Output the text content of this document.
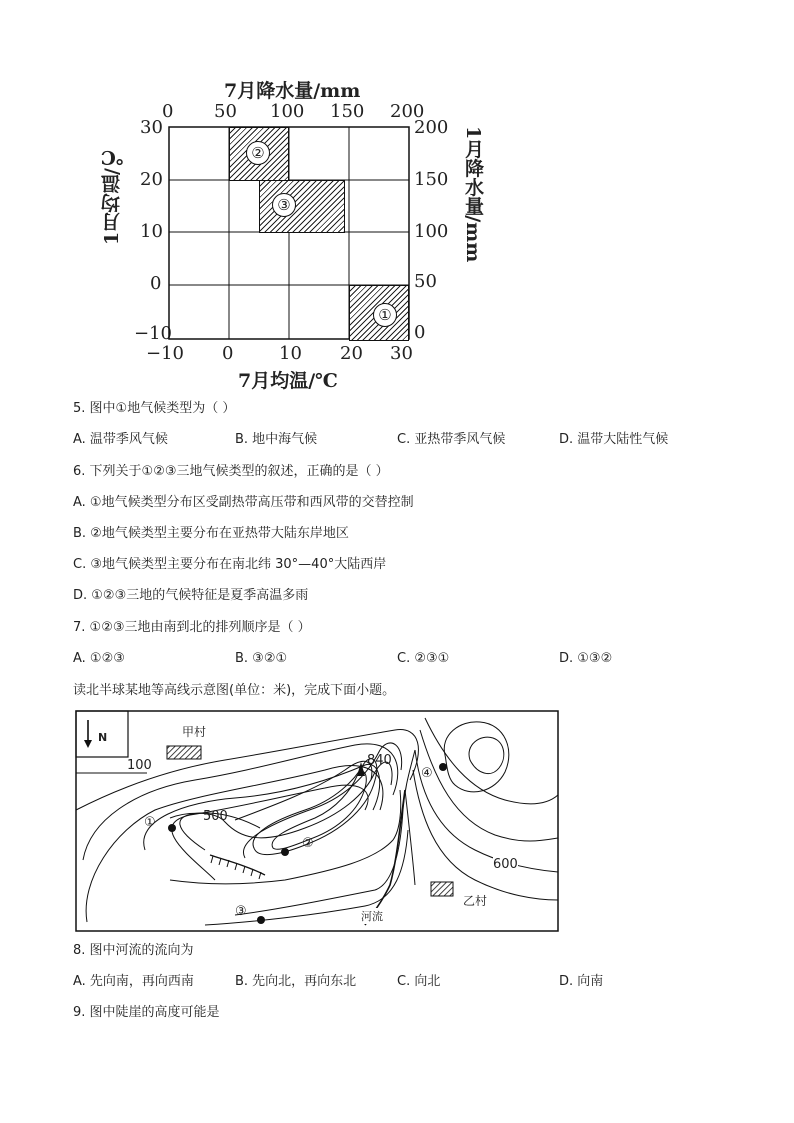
7月降水量/mm
0 50 100 150 200
30
20
10
0
−10
200
150
100
50
0
1月均温/℃	1月降水量/mm
②
③
①
−10 0	10 20 30
7月均温/℃
5. 图中①地气候类型为（ ）
A. 温带季风气候	B. 地中海气候	C. 亚热带季风气候	D. 温带大陆性气候
6. 下列关于①②③三地气候类型的叙述，正确的是（ ）
A. ①地气候类型分布区受副热带高压带和西风带的交替控制
B. ②地气候类型主要分布在亚热带大陆东岸地区
C. ③地气候类型主要分布在南北纬 30°—40°大陆西岸
D. ①②③三地的气候特征是夏季高温多雨
7. ①②③三地由南到北的排列顺序是（ ）
A. ①②③	B. ③②①	C. ②③①	D. ①③②
读北半球某地等高线示意图(单位：米)，完成下面小题。
N	甲村
100
500
840
600
①
②
③
④
河流
乙村
8. 图中河流的流向为
A. 先向南，再向西南	B. 先向北，再向东北	C. 向北	D. 向南
9. 图中陡崖的高度可能是
